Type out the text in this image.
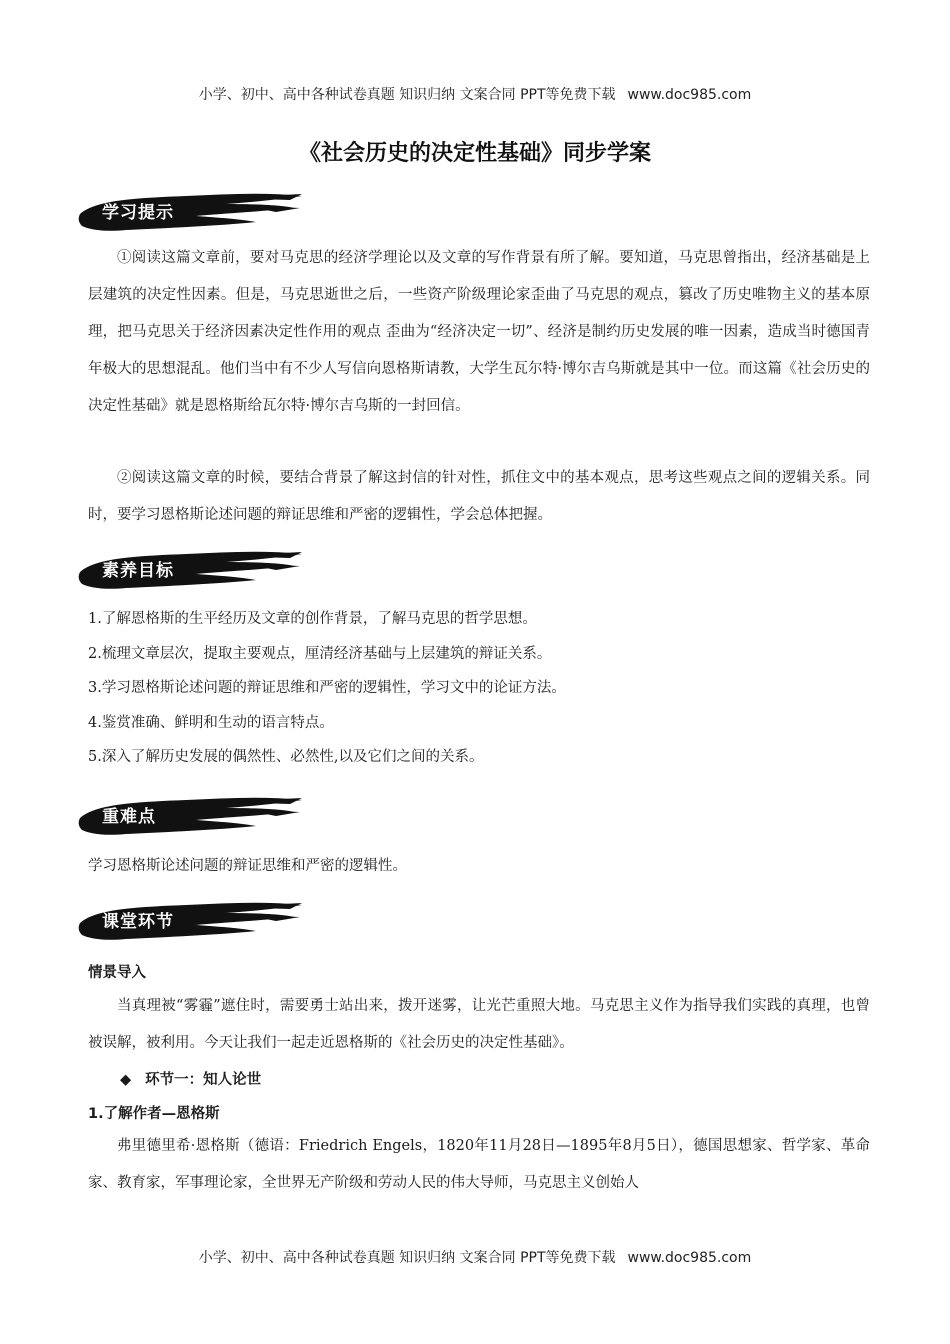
小学、初中、高中各种试卷真题 知识归纳 文案合同 PPT等免费下载 www.doc985.com
《社会历史的决定性基础》同步学案
学习提示

①阅读这篇文章前，要对马克思的经济学理论以及文章的写作背景有所了解。要知道，马克思曾指出，经济基础是上层建筑的决定性因素。但是，马克思逝世之后，一些资产阶级理论家歪曲了马克思的观点，篡改了历史唯物主义的基本原理，把马克思关于经济因素决定性作用的观点 歪曲为“经济决定一切”、经济是制约历史发展的唯一因素，造成当时德国青年极大的思想混乱。他们当中有不少人写信向恩格斯请教，大学生瓦尔特·博尔吉乌斯就是其中一位。而这篇《社会历史的决定性基础》就是恩格斯给瓦尔特·博尔吉乌斯的一封回信。

②阅读这篇文章的时候，要结合背景了解这封信的针对性，抓住文中的基本观点，思考这些观点之间的逻辑关系。同时，要学习恩格斯论述问题的辩证思维和严密的逻辑性，学会总体把握。

素养目标
1.了解恩格斯的生平经历及文章的创作背景，了解马克思的哲学思想。
2.梳理文章层次，提取主要观点，厘清经济基础与上层建筑的辩证关系。
3.学习恩格斯论述问题的辩证思维和严密的逻辑性，学习文中的论证方法。
4.鉴赏准确、鲜明和生动的语言特点。
5.深入了解历史发展的偶然性、必然性,以及它们之间的关系。
重难点

学习恩格斯论述问题的辩证思维和严密的逻辑性。

课堂环节

情景导入

当真理被“雾霾”遮住时，需要勇士站出来，拨开迷雾，让光芒重照大地。马克思主义作为指导我们实践的真理，也曾被误解，被利用。今天让我们一起走近恩格斯的《社会历史的决定性基础》。

◆ 环节一：知人论世

1.了解作者—恩格斯

弗里德里希·恩格斯（德语：Friedrich Engels，1820年11月28日—1895年8月5日），德国思想家、哲学家、革命家、教育家，军事理论家，全世界无产阶级和劳动人民的伟大导师，马克思主义创始人

小学、初中、高中各种试卷真题 知识归纳 文案合同 PPT等免费下载 www.doc985.com
